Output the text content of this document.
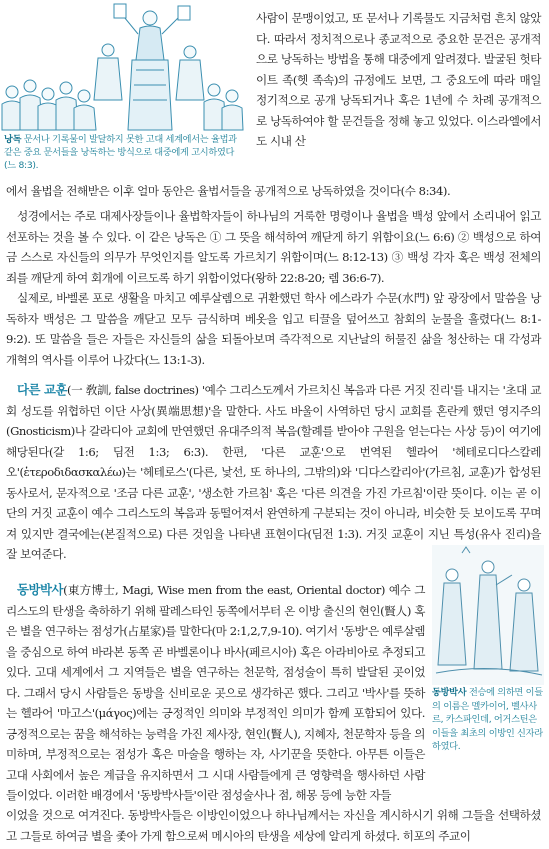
낭독 문서나 기록물이 발달하지 못한 고대 세계에서는 율법과 같은 중요 문서들을 낭독하는 방식으로 대중에게 고시하였다(느 8:3).

사람이 문맹이었고, 또 문서나 기록물도 지금처럼 흔치 않았다. 따라서 정치적으로나 종교적으로 중요한 문건은 공개적으로 낭독하는 방법을 통해 대중에게 알려졌다. 발굴된 헛타이트 족(헷 족속)의 규정에도 보면, 그 중요도에 따라 매일 정기적으로 공개 낭독되거나 혹은 1년에 수 차례 공개적으로 낭독하여야 할 문건들을 정해 놓고 있었다. 이스라엘에서도 시내 산

에서 율법을 전해받은 이후 얼마 동안은 율법서들을 공개적으로 낭독하였을 것이다(수 8:34).

성경에서는 주로 대제사장들이나 율법학자들이 하나님의 거룩한 명령이나 율법을 백성 앞에서 소리내어 읽고 선포하는 것을 볼 수 있다. 이 같은 낭독은 ① 그 뜻을 해석하여 깨닫게 하기 위함이요(느 6:6) ② 백성으로 하여금 스스로 자신들의 의무가 무엇인지를 알도록 가르치기 위함이며(느 8:12-13) ③ 백성 각자 혹은 백성 전체의 죄를 깨닫게 하여 회개에 이르도록 하기 위함이었다(왕하 22:8-20; 렘 36:6-7).

실제로, 바벨론 포로 생활을 마치고 예루살렘으로 귀환했던 학사 에스라가 수문(水門) 앞 광장에서 말씀을 낭독하자 백성은 그 말씀을 깨닫고 모두 금식하며 베옷을 입고 티끌을 덮어쓰고 참회의 눈물을 흘렸다(느 8:1-9:2). 또 말씀을 들은 자들은 자신들의 삶을 되돌아보며 즉각적으로 지난날의 허물진 삶을 청산하는 대 각성과 개혁의 역사를 이루어 나갔다(느 13:1-3).

다른 교훈(一 敎訓, false doctrines) '예수 그리스도께서 가르치신 복음과 다른 거짓 진리'를 내지는 '초대 교회 성도를 위협하던 이단 사상(異端思想)'을 말한다. 사도 바울이 사역하던 당시 교회를 혼란케 했던 영지주의(Gnosticism)나 갈라디아 교회에 만연했던 유대주의적 복음(할례를 받아야 구원을 얻는다는 사상 등)이 여기에 해당된다(갈 1:6; 딤전 1:3; 6:3). 한편, '다른 교훈'으로 번역된 헬라어 '헤테로디다스칼레오'(ἑτεροδιδασκαλέω)는 '헤테로스'(다른, 낯선, 또 하나의, 그밖의)와 '디다스칼리아'(가르침, 교훈)가 합성된 동사로서, 문자적으로 '조금 다른 교훈', '생소한 가르침' 혹은 '다른 의견을 가진 가르침'이란 뜻이다. 이는 곧 이단의 거짓 교훈이 예수 그리스도의 복음과 동떨어져서 완연하게 구분되는 것이 아니라, 비슷한 듯 보이도록 꾸며져 있지만 결국에는(본질적으로) 다른 것임을 나타낸 표현이다(딤전 1:3). 거짓 교훈이 지닌 특성(유사 진리)을 잘 보여준다.

동방박사(東方博士, Magi, Wise men from the east, Oriental doctor) 예수 그리스도의 탄생을 축하하기 위해 팔레스타인 동쪽에서부터 온 이방 출신의 현인(賢人) 혹은 별을 연구하는 점성가(占星家)를 말한다(마 2:1,2,7,9-10). 여기서 '동방'은 예루살렘을 중심으로 하여 바라본 동쪽 곧 바벨론이나 바사(페르시아) 혹은 아라비아로 추정되고 있다. 고대 세계에서 그 지역들은 별을 연구하는 천문학, 점성술이 특히 발달된 곳이었다. 그래서 당시 사람들은 동방을 신비로운 곳으로 생각하곤 했다. 그리고 '박사'를 뜻하는 헬라어 '마고스'(μάγος)에는 긍정적인 의미와 부정적인 의미가 함께 포함되어 있다. 긍정적으로는 꿈을 해석하는 능력을 가진 제사장, 현인(賢人), 지혜자, 천문학자 등을 의미하며, 부정적으로는 점성가 혹은 마술을 행하는 자, 사기꾼을 뜻한다. 아무튼 이들은 고대 사회에서 높은 계급을 유지하면서 그 시대 사람들에게 큰 영향력을 행사하던 사람들이었다. 이러한 배경에서 '동방박사들'이란 점성술사나 점, 해몽 등에 능한 자들

이었을 것으로 여겨진다. 동방박사들은 이방인이었으나 하나님께서는 자신을 계시하시기 위해 그들을 선택하셨고 그들로 하여금 별을 좇아 가게 함으로써 메시아의 탄생을 세상에 알리게 하셨다. 히포의 주교이

동방박사 전승에 의하면 이들의 이름은 멜카이어, 벨사사르, 카스파인데, 어거스틴은 이들을 최초의 이방인 신자라 하였다.
